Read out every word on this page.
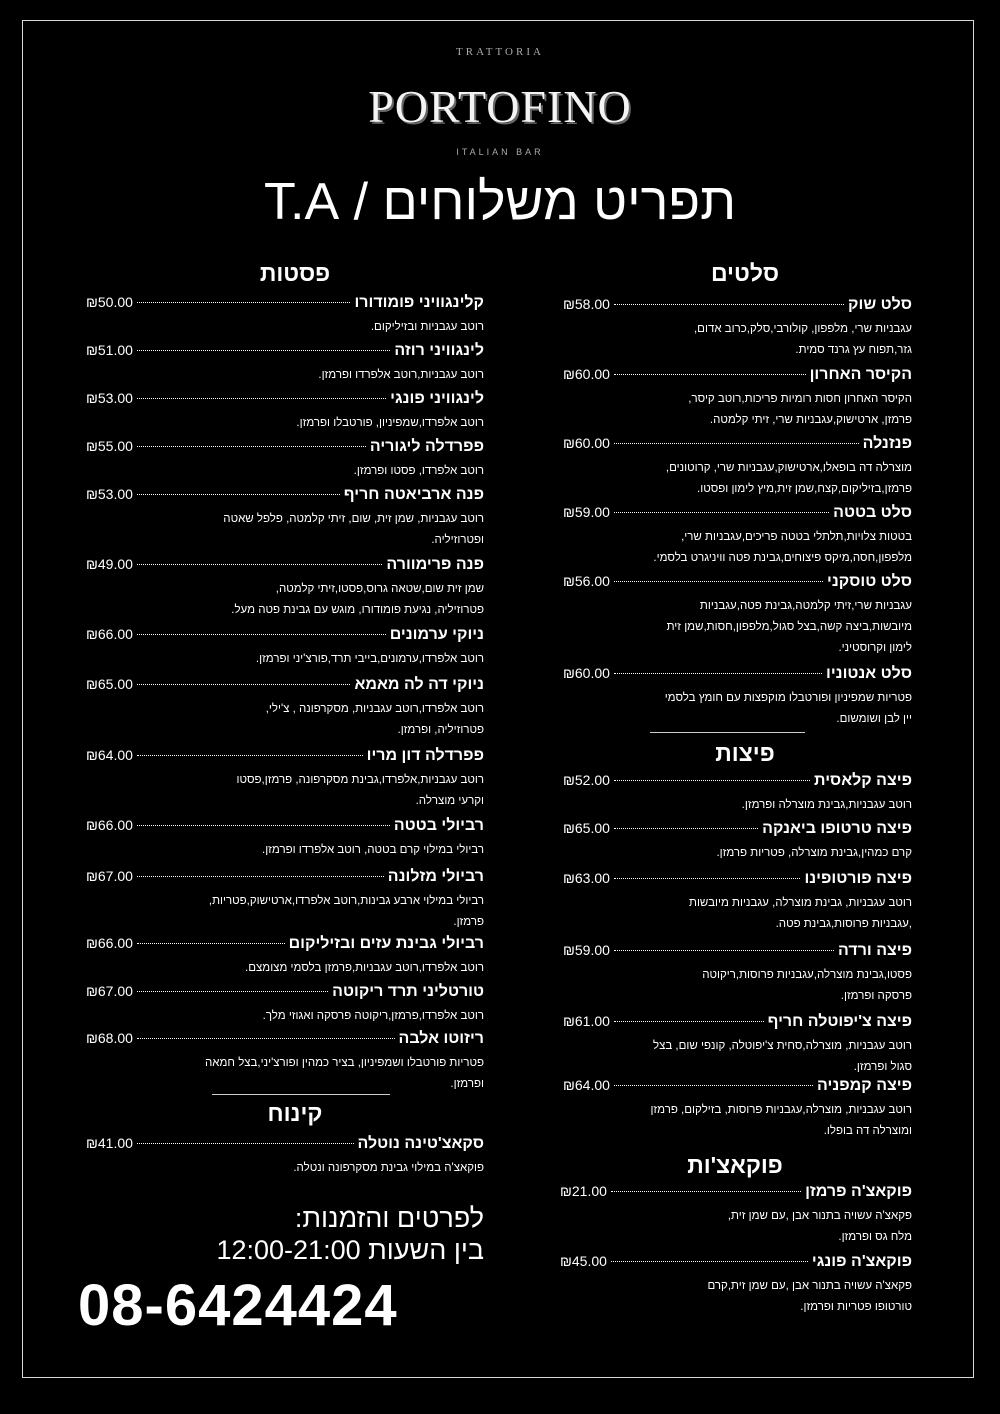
TRATTORIA
PORTOFINO
ITALIAN BAR
תפריט משלוחים / T.A
סלטים
סלט שוק
₪58.00
עגבניות שרי, מלפפון, קולורבי,סלק,כרוב אדום,
גזר,תפוח עץ גרנד סמית.
הקיסר האחרון
₪60.00
הקיסר האחרון חסות רומיות פריכות,רוטב קיסר,
פרמזן, ארטישוק,עגבניות שרי, זיתי קלמטה.
פנזנלה
₪60.00
מוצרלה דה בופאלו,ארטישוק,עגבניות שרי, קרוטונים,
פרמזן,בזיליקום,קצח,שמן זית,מיץ לימון ופסטו.
סלט בטטה
₪59.00
בטטות צלויות,תלתלי בטטה פריכים,עגבניות שרי,
מלפפון,חסה,מיקס פיצוחים,גבינת פטה וויניגרט בלסמי.
סלט טוסקני
₪56.00
עגבניות שרי,זיתי קלמטה,גבינת פטה,עגבניות
מיובשות,ביצה קשה,בצל סגול,מלפפון,חסות,שמן זית
לימון וקרוסטיני.
סלט אנטוניו
₪60.00
פטריות שמפיניון ופורטבלו מוקפצות עם חומץ בלסמי
יין לבן ושומשום.
פיצות
פיצה קלאסית
₪52.00
רוטב עגבניות,גבינת מוצרלה ופרמזן.
פיצה טרטופו ביאנקה
₪65.00
קרם כמהין,גבינת מוצרלה, פטריות פרמזן.
פיצה פורטופינו
₪63.00
רוטב עגבניות, גבינת מוצרלה, עגבניות מיובשות
,עגבניות פרוסות,גבינת פטה.
פיצה ורדה
₪59.00
פסטו,גבינת מוצרלה,עגבניות פרוסות,ריקוטה
פרסקה ופרמזן.
פיצה צ'יפוטלה חריף
₪61.00
רוטב עגבניות, מוצרלה,סחית צ'יפוטלה, קונפי שום, בצל
סגול ופרמזן.
פיצה קמפניה
₪64.00
רוטב עגבניות, מוצרלה,עגבניות פרוסות, בזילקום, פרמזן
ומוצרלה דה בופלו.
פוקאצ'ות
פוקאצ'ה פרמזן
₪21.00
פקאצ'ה עשויה בתנור אבן ,עם שמן זית,
מלח גס ופרמזן.
פוקאצ'ה פונגי
₪45.00
פקאצ'ה עשויה בתנור אבן ,עם שמן זית,קרם
טורטופו פטריות ופרמזן.
פסטות
קלינגוויני פומודורו
₪50.00
רוטב עגבניות ובזיליקום.
לינגוויני רוזה
₪51.00
רוטב עגבניות,רוטב אלפרדו ופרמזן.
לינגוויני פונגי
₪53.00
רוטב אלפרדו,שמפיניון, פורטבלו ופרמזן.
פפרדלה ליגוריה
₪55.00
רוטב אלפרדו, פסטו ופרמזן.
פנה ארביאטה חריף
₪53.00
רוטב עגבניות, שמן זית, שום, זיתי קלמטה, פלפל שאטה
ופטרוזיליה.
פנה פרימוורה
₪49.00
שמן זית שום,שטאה גרוס,פסטו,זיתי קלמטה,
פטרוזיליה, נגיעת פומודורו, מוגש עם גבינת פטה מעל.
ניוקי ערמונים
₪66.00
רוטב אלפרדו,ערמונים,בייבי תרד,פורצ'יני ופרמזן.
ניוקי דה לה מאמא
₪65.00
רוטב אלפרדו,רוטב עגבניות, מסקרפונה , צ'ילי,
פטרוזיליה, ופרמזן.
פפרדלה דון מריו
₪64.00
רוטב עגבניות,אלפרדו,גבינת מסקרפונה, פרמזן,פסטו
וקרעי מוצרלה.
רביולי בטטה
₪66.00
רביולי במילוי קרם בטטה, רוטב אלפרדו ופרמזן.
רביולי מזלונה
₪67.00
רביולי במילוי ארבע גבינות,רוטב אלפרדו,ארטישוק,פטריות,
פרמזן.
רביולי גבינת עזים ובזיליקום
₪66.00
רוטב אלפרדו,רוטב עגבניות,פרמזן בלסמי מצומצם.
טורטליני תרד ריקוטה
₪67.00
רוטב אלפרדו,פרמזן,ריקוטה פרסקה ואגוזי מלך.
ריזוטו אלבה
₪68.00
פטריות פורטבלו ושמפיניון, בציר כמהין ופורצ'יני,בצל חמאה
ופרמזן.
קינוח
סקאצ'טינה נוטלה
₪41.00
פוקאצ'ה במילוי גבינת מסקרפונה ונטלה.
לפרטים והזמנות:
בין השעות 12:00-21:00
08-6424424
